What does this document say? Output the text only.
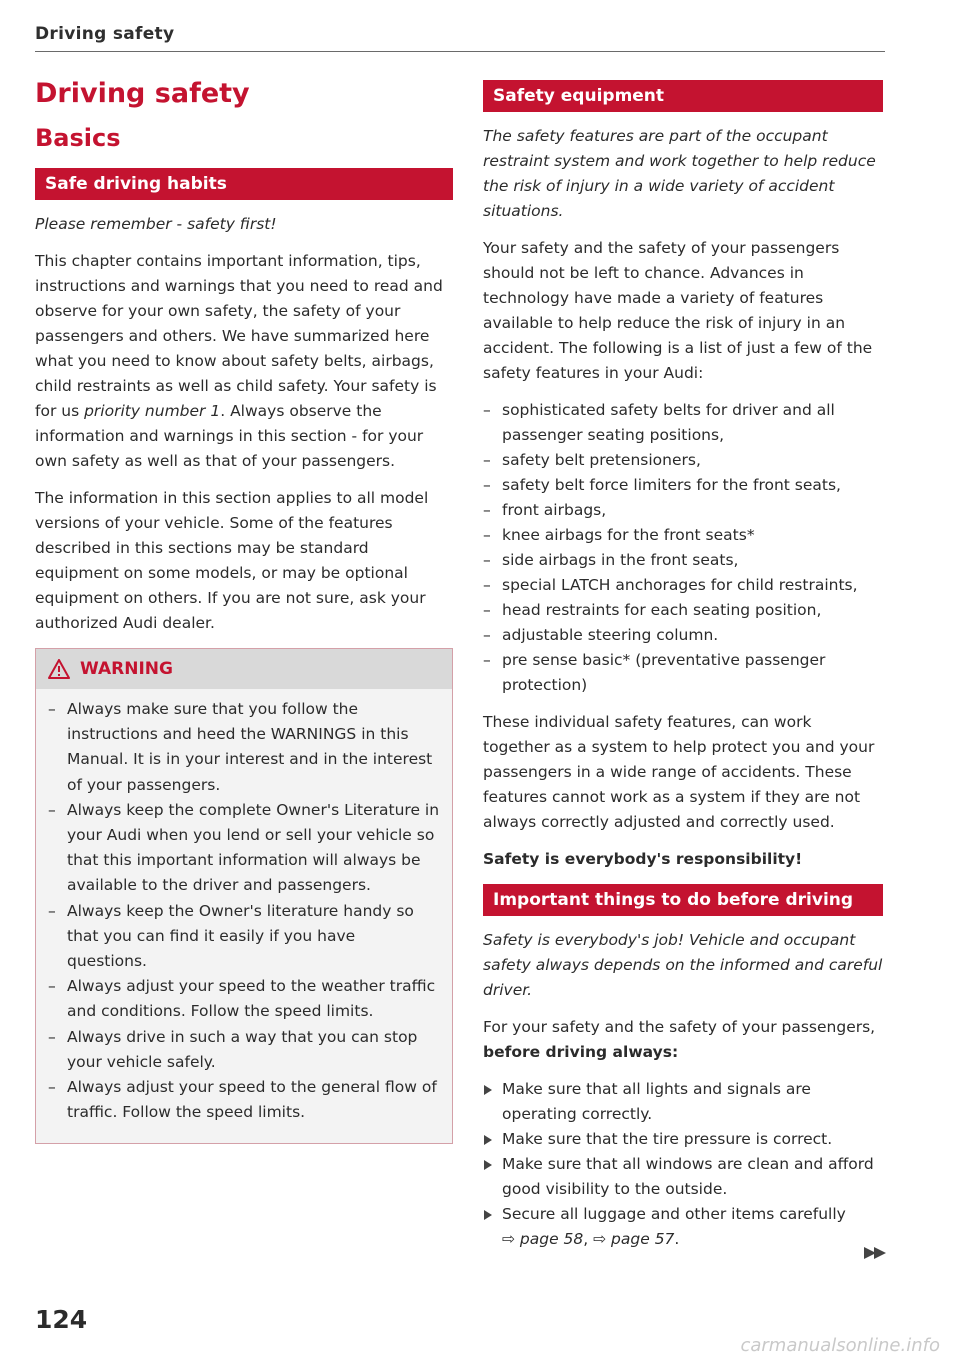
Driving safety
Driving safety
Basics
Safe driving habits

Please remember - safety first!

This chapter contains important information, tips, instructions and warnings that you need to read and observe for your own safety, the safety of your passengers and others. We have summarized here what you need to know about safety belts, airbags, child restraints as well as child safety. Your safety is for us priority number 1. Always observe the information and warnings in this section - for your own safety as well as that of your passengers.

The information in this section applies to all model versions of your vehicle. Some of the features described in this sections may be standard equipment on some models, or may be optional equipment on others. If you are not sure, ask your authorized Audi dealer.

WARNING
– Always make sure that you follow the instructions and heed the WARNINGS in this Manual. It is in your interest and in the interest of your passengers.
– Always keep the complete Owner's Literature in your Audi when you lend or sell your vehicle so that this important information will always be available to the driver and passengers.
– Always keep the Owner's literature handy so that you can find it easily if you have questions.
– Always adjust your speed to the weather traffic and conditions. Follow the speed limits.
– Always drive in such a way that you can stop your vehicle safely.
– Always adjust your speed to the general flow of traffic. Follow the speed limits.
Safety equipment

The safety features are part of the occupant restraint system and work together to help reduce the risk of injury in a wide variety of accident situations.

Your safety and the safety of your passengers should not be left to chance. Advances in technology have made a variety of features available to help reduce the risk of injury in an accident. The following is a list of just a few of the safety features in your Audi:

– sophisticated safety belts for driver and all passenger seating positions,
– safety belt pretensioners,
– safety belt force limiters for the front seats,
– front airbags,
– knee airbags for the front seats*
– side airbags in the front seats,
– special LATCH anchorages for child restraints,
– head restraints for each seating position,
– adjustable steering column.
– pre sense basic* (preventative passenger protection)

These individual safety features, can work together as a system to help protect you and your passengers in a wide range of accidents. These features cannot work as a system if they are not always correctly adjusted and correctly used.

Safety is everybody's responsibility!

Important things to do before driving

Safety is everybody's job! Vehicle and occupant safety always depends on the informed and careful driver.

For your safety and the safety of your passengers, before driving always:

Make sure that all lights and signals are operating correctly.
Make sure that the tire pressure is correct.
Make sure that all windows are clean and afford good visibility to the outside.
Secure all luggage and other items carefully
⇨ page 58, ⇨ page 57.
124
carmanualsonline.info
